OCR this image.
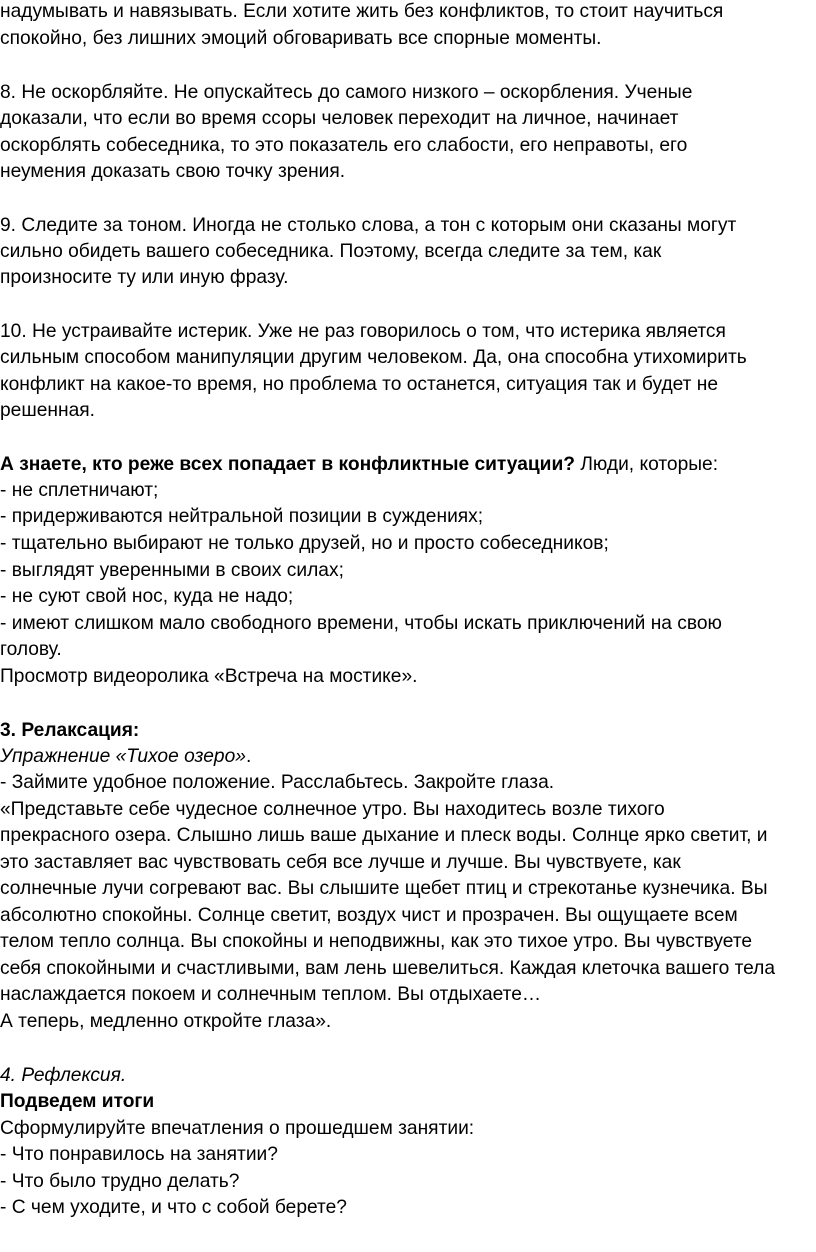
надумывать и навязывать. Если хотите жить без конфликтов, то стоит научиться
спокойно, без лишних эмоций обговаривать все спорные моменты.
8. Не оскорбляйте. Не опускайтесь до самого низкого – оскорбления. Ученые
доказали, что если во время ссоры человек переходит на личное, начинает
оскорблять собеседника, то это показатель его слабости, его неправоты, его
неумения доказать свою точку зрения.
9. Следите за тоном. Иногда не столько слова, а тон с которым они сказаны могут
сильно обидеть вашего собеседника. Поэтому, всегда следите за тем, как
произносите ту или иную фразу.
10. Не устраивайте истерик. Уже не раз говорилось о том, что истерика является
сильным способом манипуляции другим человеком. Да, она способна утихомирить
конфликт на какое-то время, но проблема то останется, ситуация так и будет не
решенная.
А знаете, кто реже всех попадает в конфликтные ситуации? Люди, которые:
- не сплетничают;
- придерживаются нейтральной позиции в суждениях;
- тщательно выбирают не только друзей, но и просто собеседников;
- выглядят уверенными в своих силах;
- не суют свой нос, куда не надо;
- имеют слишком мало свободного времени, чтобы искать приключений на свою
голову.
Просмотр видеоролика «Встреча на мостике».
3. Релаксация:
Упражнение «Тихое озеро».
- Займите удобное положение. Расслабьтесь. Закройте глаза.
«Представьте себе чудесное солнечное утро. Вы находитесь возле тихого
прекрасного озера. Слышно лишь ваше дыхание и плеск воды. Солнце ярко светит, и
это заставляет вас чувствовать себя все лучше и лучше. Вы чувствуете, как
солнечные лучи согревают вас. Вы слышите щебет птиц и стрекотанье кузнечика. Вы
абсолютно спокойны. Солнце светит, воздух чист и прозрачен. Вы ощущаете всем
телом тепло солнца. Вы спокойны и неподвижны, как это тихое утро. Вы чувствуете
себя спокойными и счастливыми, вам лень шевелиться. Каждая клеточка вашего тела
наслаждается покоем и солнечным теплом. Вы отдыхаете…
А теперь, медленно откройте глаза».
4. Рефлексия.
Подведем итоги
Сформулируйте впечатления о прошедшем занятии:
- Что понравилось на занятии?
- Что было трудно делать?
- С чем уходите, и что с собой берете?
